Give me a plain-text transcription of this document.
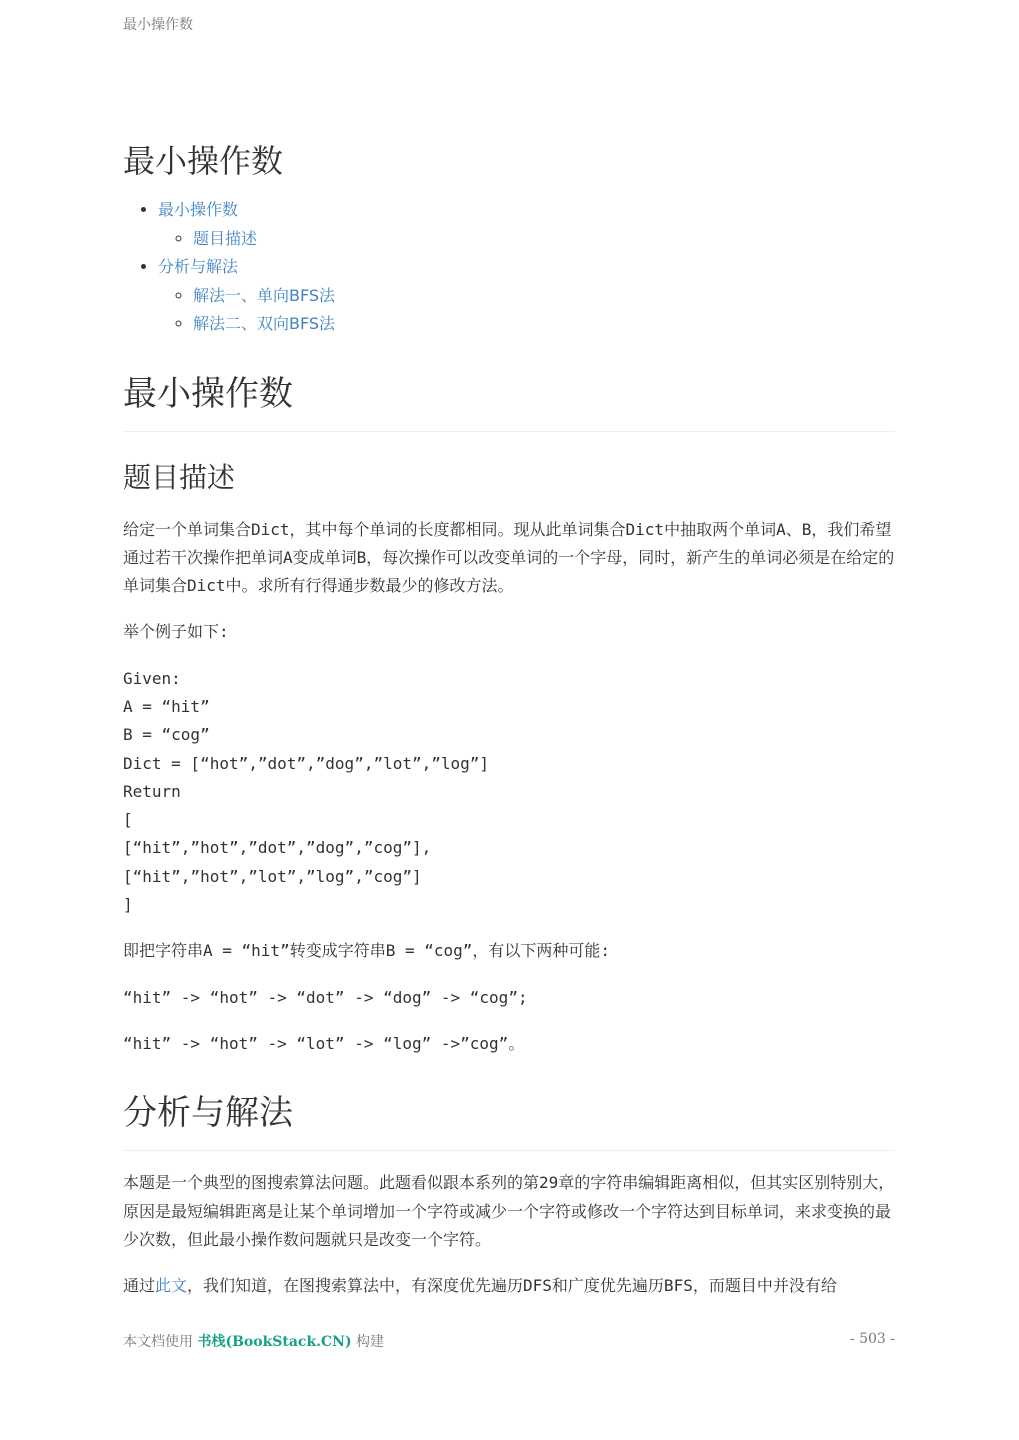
最小操作数
最小操作数
• 最小操作数
◦ 题目描述
• 分析与解法
◦ 解法一、单向BFS法
◦ 解法二、双向BFS法
最小操作数
题目描述

给定一个单词集合Dict，其中每个单词的长度都相同。现从此单词集合Dict中抽取两个单词A、B，我们希望通过若干次操作把单词A变成单词B，每次操作可以改变单词的一个字母，同时，新产生的单词必须是在给定的单词集合Dict中。求所有行得通步数最少的修改方法。

举个例子如下:

Given:
A = “hit”
B = “cog”
Dict = [“hot”,”dot”,”dog”,”lot”,”log”]
Return
[
[“hit”,”hot”,”dot”,”dog”,”cog”],
[“hit”,”hot”,”lot”,”log”,”cog”]
]

即把字符串A = “hit”转变成字符串B = “cog”，有以下两种可能:

“hit” -> “hot” -> “dot” -> “dog” -> “cog”;

“hit” -> “hot” -> “lot” -> “log” ->”cog”。

分析与解法

本题是一个典型的图搜索算法问题。此题看似跟本系列的第29章的字符串编辑距离相似，但其实区别特别大，原因是最短编辑距离是让某个单词增加一个字符或减少一个字符或修改一个字符达到目标单词，来求变换的最少次数，但此最小操作数问题就只是改变一个字符。

通过此文，我们知道，在图搜索算法中，有深度优先遍历DFS和广度优先遍历BFS，而题目中并没有给

本文档使用 书栈(BookStack.CN) 构建	- 503 -
